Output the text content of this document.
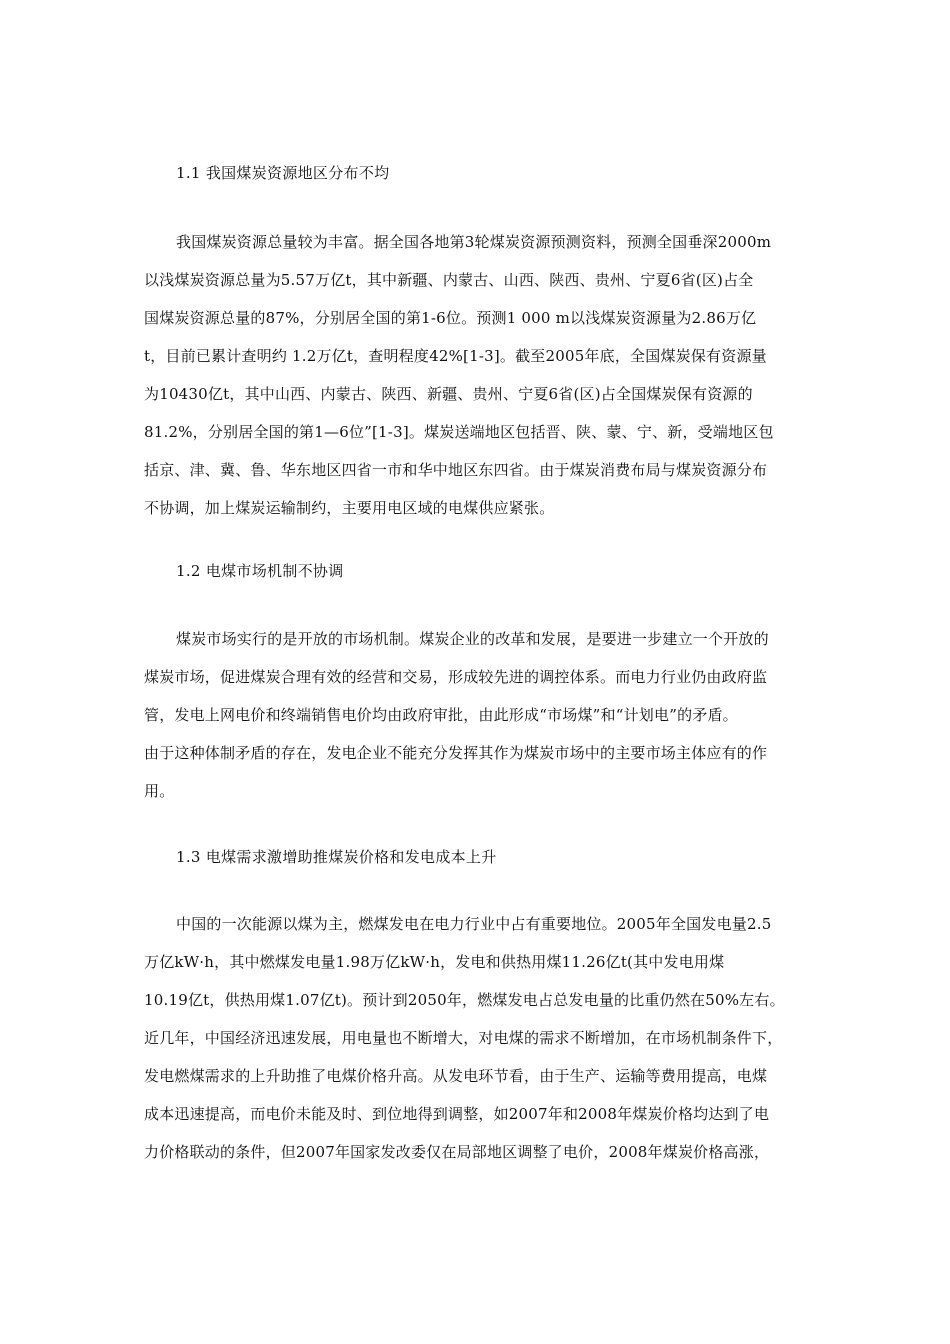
1.1 我国煤炭资源地区分布不均
我国煤炭资源总量较为丰富。据全国各地第3轮煤炭资源预测资料，预测全国垂深2000m
以浅煤炭资源总量为5.57万亿t，其中新疆、内蒙古、山西、陕西、贵州、宁夏6省(区)占全
国煤炭资源总量的87%，分别居全国的第1-6位。预测1 000 m以浅煤炭资源量为2.86万亿
t，目前已累计查明约 1.2万亿t，查明程度42%[1-3]。截至2005年底，全国煤炭保有资源量
为10430亿t，其中山西、内蒙古、陕西、新疆、贵州、宁夏6省(区)占全国煤炭保有资源的
81.2%，分别居全国的第1—6位”[1-3]。煤炭送端地区包括晋、陕、蒙、宁、新，受端地区包
括京、津、冀、鲁、华东地区四省一市和华中地区东四省。由于煤炭消费布局与煤炭资源分布
不协调，加上煤炭运输制约，主要用电区域的电煤供应紧张。
1.2 电煤市场机制不协调
煤炭市场实行的是开放的市场机制。煤炭企业的改革和发展，是要进一步建立一个开放的
煤炭市场，促进煤炭合理有效的经营和交易，形成较先进的调控体系。而电力行业仍由政府监
管，发电上网电价和终端销售电价均由政府审批，由此形成“市场煤”和“计划电”的矛盾。
由于这种体制矛盾的存在，发电企业不能充分发挥其作为煤炭市场中的主要市场主体应有的作
用。
1.3 电煤需求激增助推煤炭价格和发电成本上升
中国的一次能源以煤为主，燃煤发电在电力行业中占有重要地位。2005年全国发电量2.5
万亿kW·h，其中燃煤发电量1.98万亿kW·h，发电和供热用煤11.26亿t(其中发电用煤
10.19亿t，供热用煤1.07亿t)。预计到2050年，燃煤发电占总发电量的比重仍然在50%左右。
近几年，中国经济迅速发展，用电量也不断增大，对电煤的需求不断增加，在市场机制条件下，
发电燃煤需求的上升助推了电煤价格升高。从发电环节看，由于生产、运输等费用提高，电煤
成本迅速提高，而电价未能及时、到位地得到调整，如2007年和2008年煤炭价格均达到了电
力价格联动的条件，但2007年国家发改委仅在局部地区调整了电价，2008年煤炭价格高涨，
